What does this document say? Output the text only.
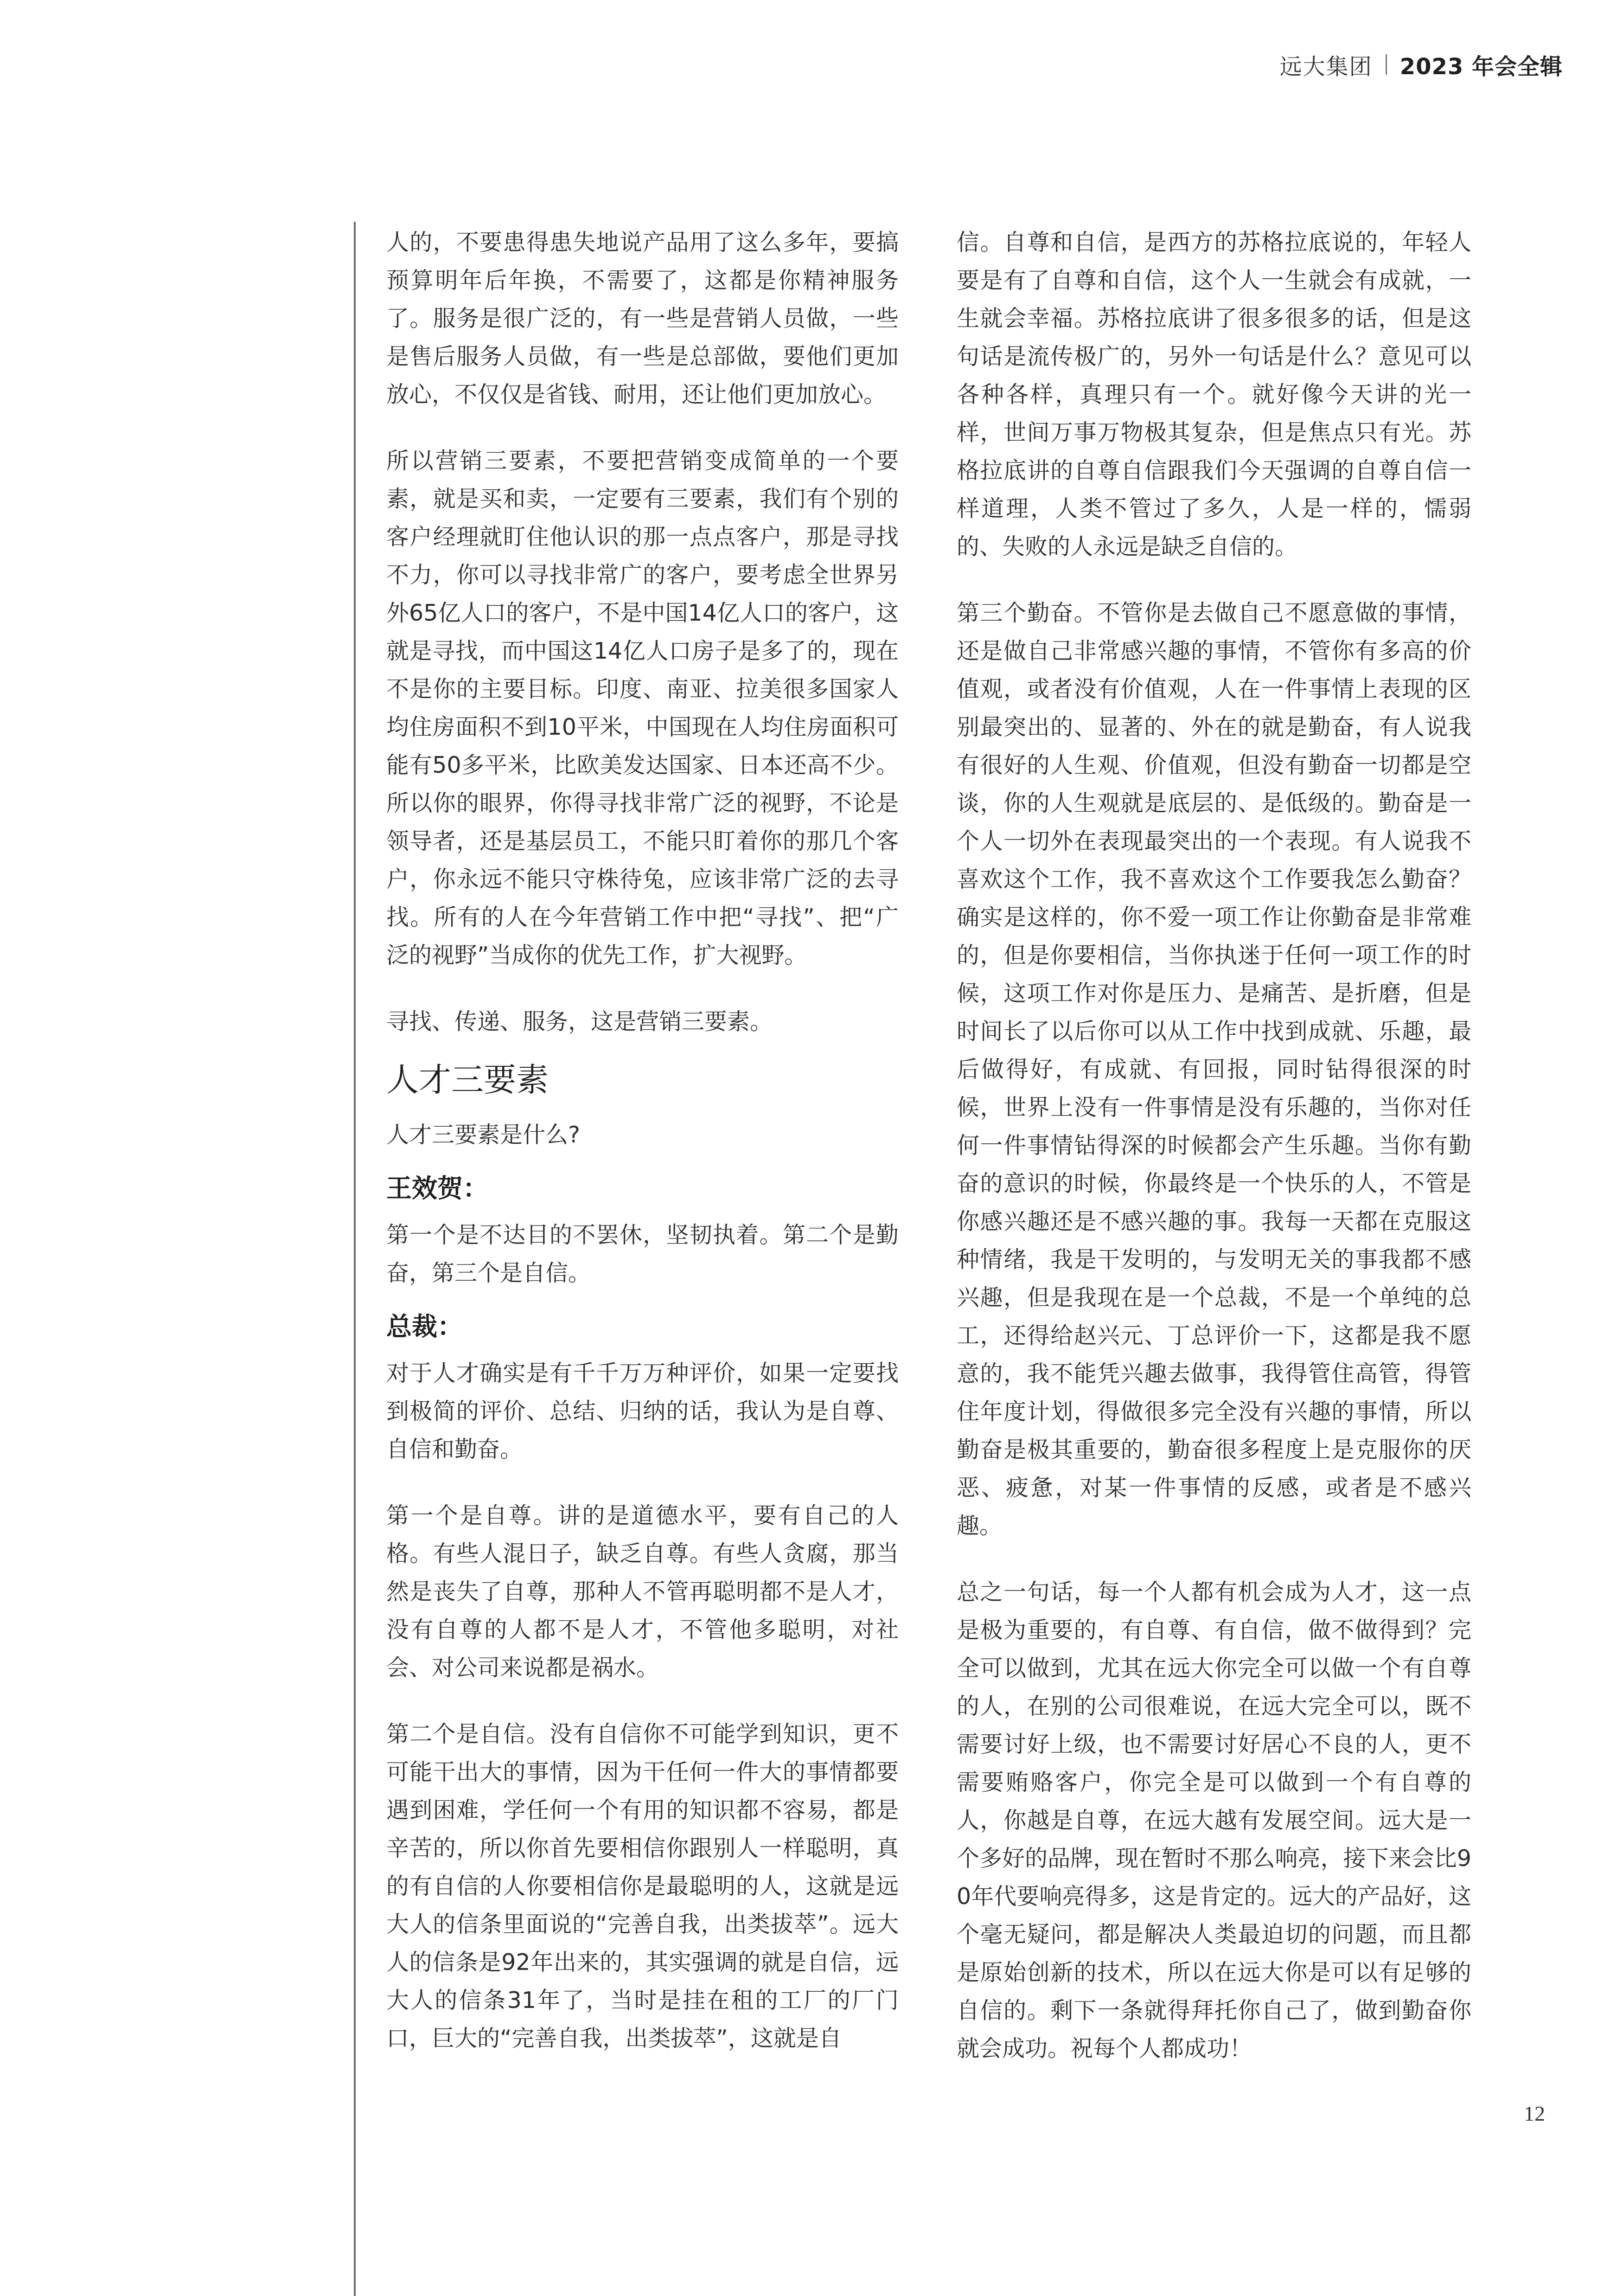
远大集团 2023 年会全辑

人的，不要患得患失地说产品用了这么多年，要搞预算明年后年换，不需要了，这都是你精神服务了。服务是很广泛的，有一些是营销人员做，一些是售后服务人员做，有一些是总部做，要他们更加放心，不仅仅是省钱、耐用，还让他们更加放心。

所以营销三要素，不要把营销变成简单的一个要素，就是买和卖，一定要有三要素，我们有个别的客户经理就盯住他认识的那一点点客户，那是寻找不力，你可以寻找非常广的客户，要考虑全世界另外65亿人口的客户，不是中国14亿人口的客户，这就是寻找，而中国这14亿人口房子是多了的，现在不是你的主要目标。印度、南亚、拉美很多国家人均住房面积不到10平米，中国现在人均住房面积可能有50多平米，比欧美发达国家、日本还高不少。所以你的眼界，你得寻找非常广泛的视野，不论是领导者，还是基层员工，不能只盯着你的那几个客户，你永远不能只守株待兔，应该非常广泛的去寻找。所有的人在今年营销工作中把“寻找”、把“广泛的视野”当成你的优先工作，扩大视野。

寻找、传递、服务，这是营销三要素。

人才三要素

人才三要素是什么?

王效贺：

第一个是不达目的不罢休，坚韧执着。第二个是勤奋，第三个是自信。

总裁：

对于人才确实是有千千万万种评价，如果一定要找到极简的评价、总结、归纳的话，我认为是自尊、自信和勤奋。

第一个是自尊。讲的是道德水平，要有自己的人格。有些人混日子，缺乏自尊。有些人贪腐，那当然是丧失了自尊，那种人不管再聪明都不是人才，没有自尊的人都不是人才，不管他多聪明，对社会、对公司来说都是祸水。

第二个是自信。没有自信你不可能学到知识，更不可能干出大的事情，因为干任何一件大的事情都要遇到困难，学任何一个有用的知识都不容易，都是辛苦的，所以你首先要相信你跟别人一样聪明，真的有自信的人你要相信你是最聪明的人，这就是远大人的信条里面说的“完善自我，出类拔萃”。远大人的信条是92年出来的，其实强调的就是自信，远大人的信条31年了，当时是挂在租的工厂的厂门口，巨大的“完善自我，出类拔萃”，这就是自

信。自尊和自信，是西方的苏格拉底说的，年轻人要是有了自尊和自信，这个人一生就会有成就，一生就会幸福。苏格拉底讲了很多很多的话，但是这句话是流传极广的，另外一句话是什么？意见可以各种各样，真理只有一个。就好像今天讲的光一样，世间万事万物极其复杂，但是焦点只有光。苏格拉底讲的自尊自信跟我们今天强调的自尊自信一样道理，人类不管过了多久，人是一样的，懦弱的、失败的人永远是缺乏自信的。

第三个勤奋。不管你是去做自己不愿意做的事情，还是做自己非常感兴趣的事情，不管你有多高的价值观，或者没有价值观，人在一件事情上表现的区别最突出的、显著的、外在的就是勤奋，有人说我有很好的人生观、价值观，但没有勤奋一切都是空谈，你的人生观就是底层的、是低级的。勤奋是一个人一切外在表现最突出的一个表现。有人说我不喜欢这个工作，我不喜欢这个工作要我怎么勤奋？确实是这样的，你不爱一项工作让你勤奋是非常难的，但是你要相信，当你执迷于任何一项工作的时候，这项工作对你是压力、是痛苦、是折磨，但是时间长了以后你可以从工作中找到成就、乐趣，最后做得好，有成就、有回报，同时钻得很深的时候，世界上没有一件事情是没有乐趣的，当你对任何一件事情钻得深的时候都会产生乐趣。当你有勤奋的意识的时候，你最终是一个快乐的人，不管是你感兴趣还是不感兴趣的事。我每一天都在克服这种情绪，我是干发明的，与发明无关的事我都不感兴趣，但是我现在是一个总裁，不是一个单纯的总工，还得给赵兴元、丁总评价一下，这都是我不愿意的，我不能凭兴趣去做事，我得管住高管，得管住年度计划，得做很多完全没有兴趣的事情，所以勤奋是极其重要的，勤奋很多程度上是克服你的厌恶、疲惫，对某一件事情的反感，或者是不感兴趣。

总之一句话，每一个人都有机会成为人才，这一点是极为重要的，有自尊、有自信，做不做得到？完全可以做到，尤其在远大你完全可以做一个有自尊的人，在别的公司很难说，在远大完全可以，既不需要讨好上级，也不需要讨好居心不良的人，更不需要贿赂客户，你完全是可以做到一个有自尊的人，你越是自尊，在远大越有发展空间。远大是一个多好的品牌，现在暂时不那么响亮，接下来会比90年代要响亮得多，这是肯定的。远大的产品好，这个毫无疑问，都是解决人类最迫切的问题，而且都是原始创新的技术，所以在远大你是可以有足够的自信的。剩下一条就得拜托你自己了，做到勤奋你就会成功。祝每个人都成功！

12
